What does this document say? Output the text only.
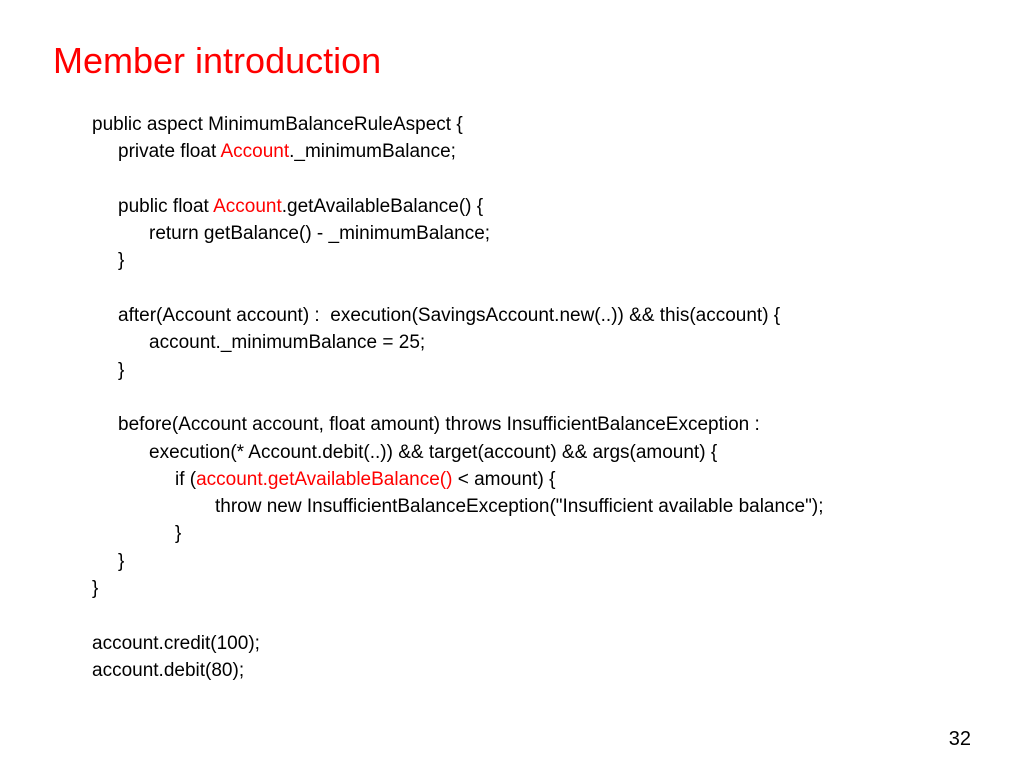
Member introduction
public aspect MinimumBalanceRuleAspect {
private float Account._minimumBalance;
public float Account.getAvailableBalance() {
return getBalance() - _minimumBalance;
}
after(Account account) :  execution(SavingsAccount.new(..)) && this(account) {
account._minimumBalance = 25;
}
before(Account account, float amount) throws InsufficientBalanceException :
execution(* Account.debit(..)) && target(account) && args(amount) {
if (account.getAvailableBalance() < amount) {
throw new InsufficientBalanceException("Insufficient available balance");
}
}
}
account.credit(100);
account.debit(80);
32
